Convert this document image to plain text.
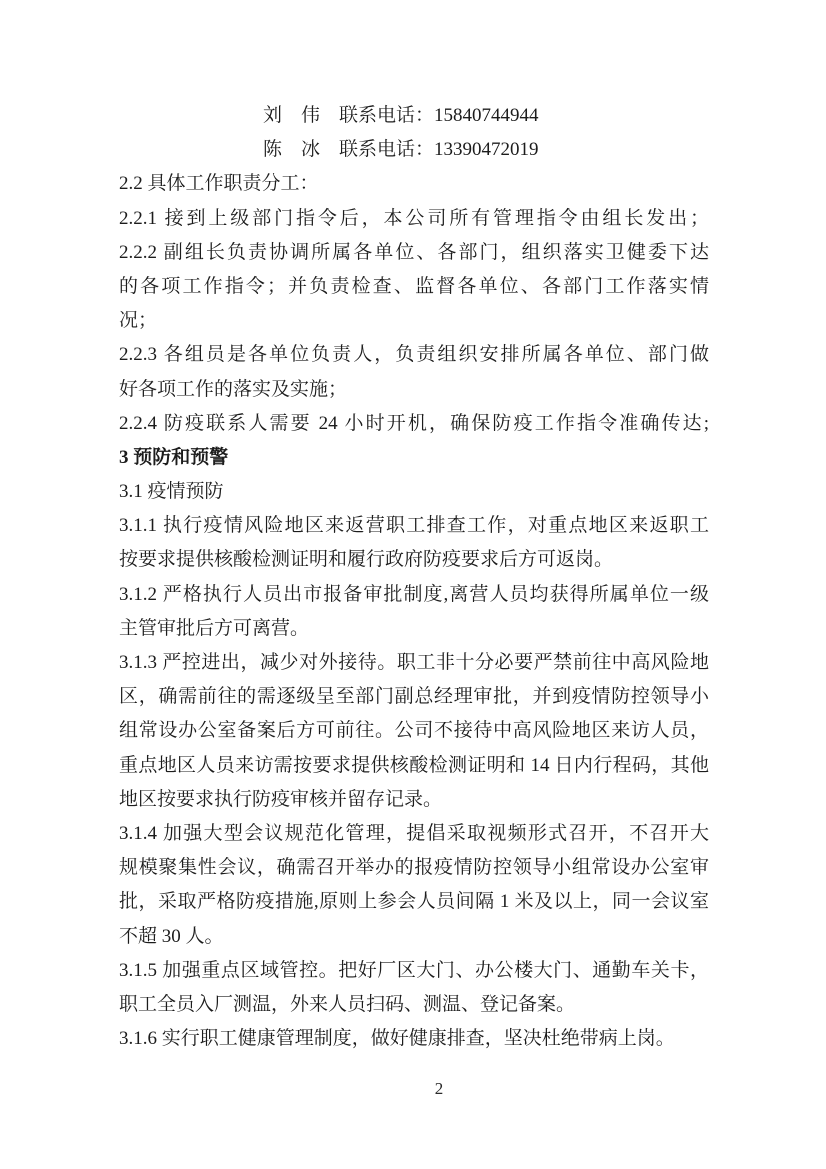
刘　伟　联系电话：15840744944
陈　冰　联系电话：13390472019
2.2 具体工作职责分工：
2.2.1 接到上级部门指令后，本公司所有管理指令由组长发出；
2.2.2 副组长负责协调所属各单位、各部门，组织落实卫健委下达
的各项工作指令；并负责检查、监督各单位、各部门工作落实情
况；
2.2.3 各组员是各单位负责人，负责组织安排所属各单位、部门做
好各项工作的落实及实施；
2.2.4 防疫联系人需要 24 小时开机，确保防疫工作指令准确传达;
3 预防和预警
3.1 疫情预防
3.1.1 执行疫情风险地区来返营职工排查工作，对重点地区来返职工
按要求提供核酸检测证明和履行政府防疫要求后方可返岗。
3.1.2 严格执行人员出市报备审批制度,离营人员均获得所属单位一级
主管审批后方可离营。
3.1.3 严控进出，减少对外接待。职工非十分必要严禁前往中高风险地
区，确需前往的需逐级呈至部门副总经理审批，并到疫情防控领导小
组常设办公室备案后方可前往。公司不接待中高风险地区来访人员，
重点地区人员来访需按要求提供核酸检测证明和 14 日内行程码，其他
地区按要求执行防疫审核并留存记录。
3.1.4 加强大型会议规范化管理，提倡采取视频形式召开，不召开大
规模聚集性会议，确需召开举办的报疫情防控领导小组常设办公室审
批，采取严格防疫措施,原则上参会人员间隔 1 米及以上，同一会议室
不超 30 人。
3.1.5 加强重点区域管控。把好厂区大门、办公楼大门、通勤车关卡，
职工全员入厂测温，外来人员扫码、测温、登记备案。
3.1.6 实行职工健康管理制度，做好健康排查，坚决杜绝带病上岗。
2
